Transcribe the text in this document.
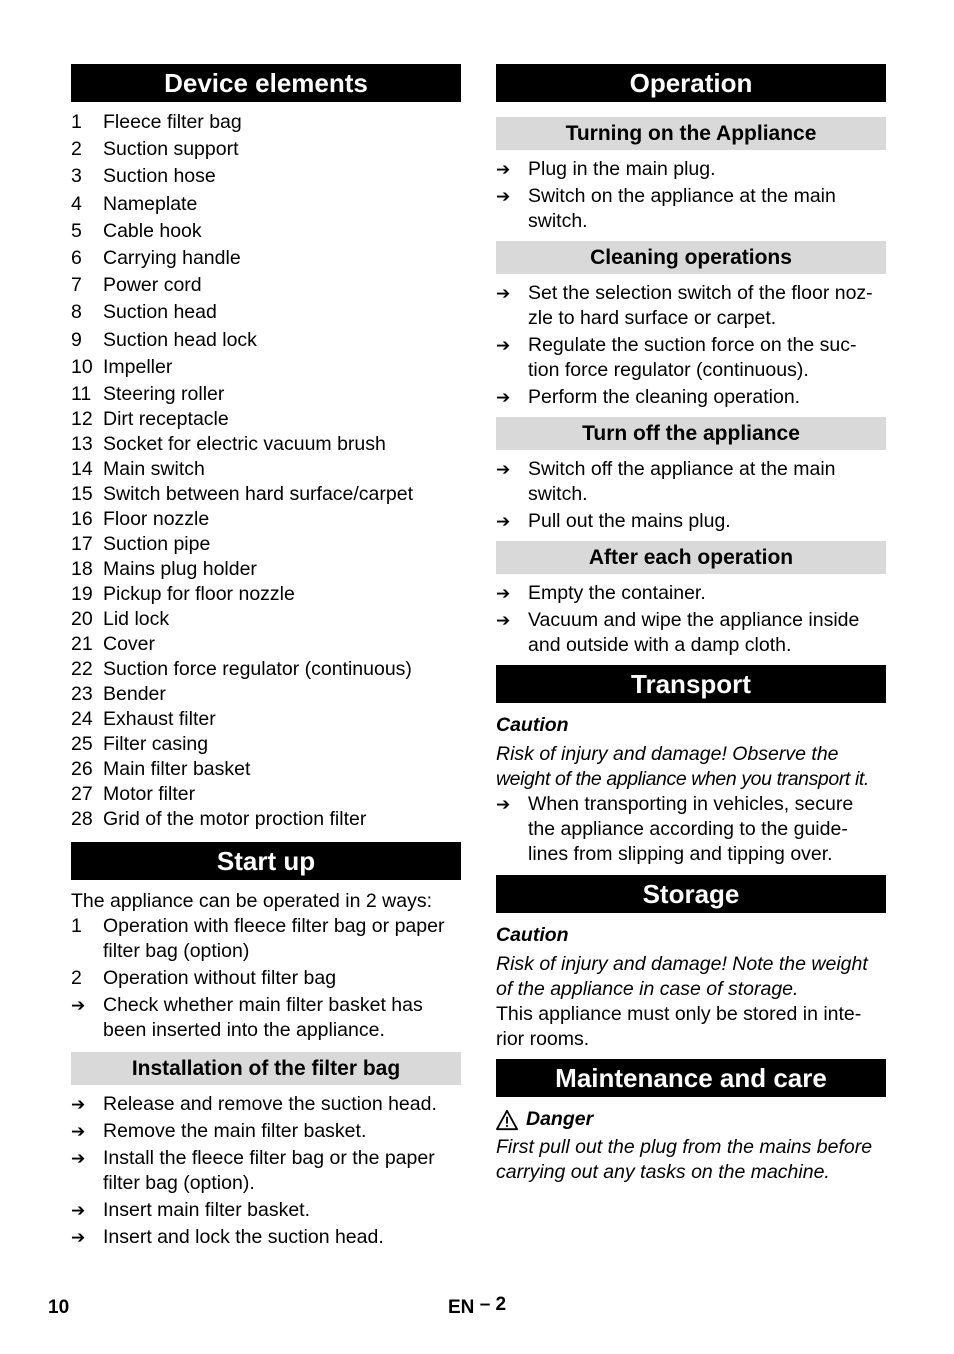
Device elements
1	Fleece filter bag
2	Suction support
3	Suction hose
4	Nameplate
5	Cable hook
6	Carrying handle
7	Power cord
8	Suction head
9	Suction head lock
10 Impeller
11 Steering roller
12 Dirt receptacle
13 Socket for electric vacuum brush
14 Main switch
15 Switch between hard surface/carpet
16 Floor nozzle
17 Suction pipe
18 Mains plug holder
19 Pickup for floor nozzle
20 Lid lock
21 Cover
22 Suction force regulator (continuous)
23 Bender
24 Exhaust filter
25 Filter casing
26 Main filter basket
27 Motor filter
28 Grid of the motor proction filter
Start up
The appliance can be operated in 2 ways:
1	Operation with fleece filter bag or paper
filter bag (option)
2	Operation without filter bag
➔ Check whether main filter basket has
been inserted into the appliance.
Installation of the filter bag
➔ Release and remove the suction head.
➔ Remove the main filter basket.
➔ Install the fleece filter bag or the paper
filter bag (option).
➔ Insert main filter basket.
➔ Insert and lock the suction head.
Operation
Turning on the Appliance
➔ Plug in the main plug.
➔ Switch on the appliance at the main
switch.
Cleaning operations
➔ Set the selection switch of the floor noz-
zle to hard surface or carpet.
➔ Regulate the suction force on the suc-
tion force regulator (continuous).
➔ Perform the cleaning operation.
Turn off the appliance
➔ Switch off the appliance at the main
switch.
➔ Pull out the mains plug.
After each operation
➔ Empty the container.
➔ Vacuum and wipe the appliance inside
and outside with a damp cloth.
Transport
Caution
Risk of injury and damage! Observe the
weight of the appliance when you transport it.
➔ When transporting in vehicles, secure
the appliance according to the guide-
lines from slipping and tipping over.
Storage
Caution
Risk of injury and damage! Note the weight
of the appliance in case of storage.
This appliance must only be stored in inte-
rior rooms.
Maintenance and care
Danger
First pull out the plug from the mains before
carrying out any tasks on the machine.
10	EN – 2
